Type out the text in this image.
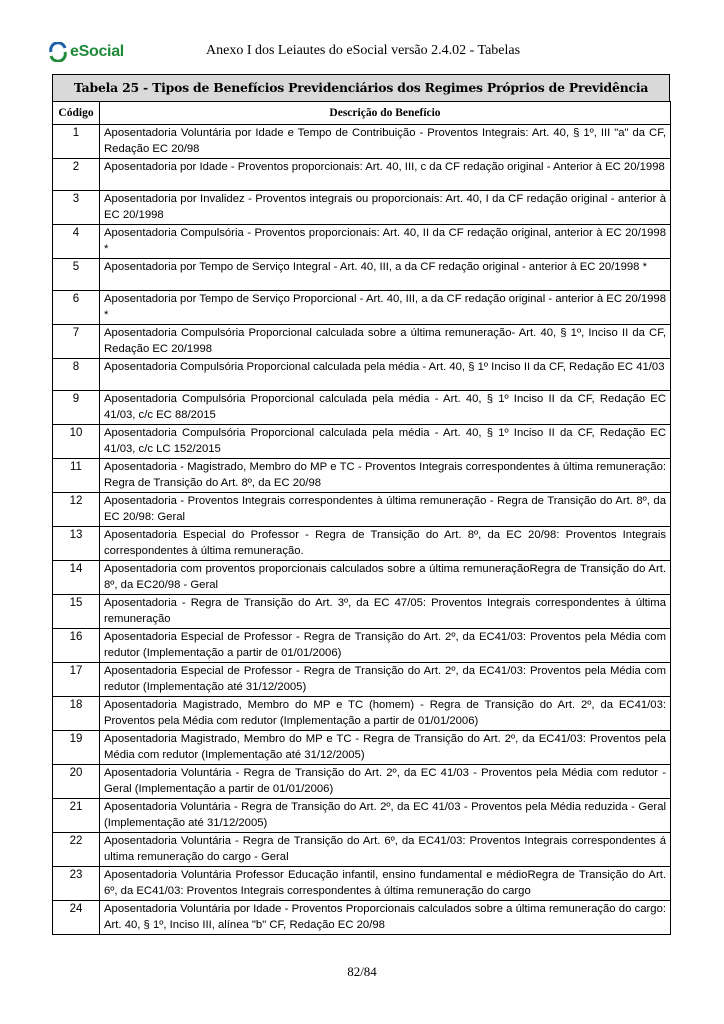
eSocial	Anexo I dos Leiautes do eSocial versão 2.4.02 - Tabelas
Tabela 25 - Tipos de Benefícios Previdenciários dos Regimes Próprios de Previdência
Código	Descrição do Benefício
1	Aposentadoria Voluntária por Idade e Tempo de Contribuição - Proventos Integrais: Art. 40, § 1º, III "a" da CF, Redação EC 20/98
2	Aposentadoria por Idade - Proventos proporcionais: Art. 40, III, c da CF redação original - Anterior à EC 20/1998
3	Aposentadoria por Invalidez - Proventos integrais ou proporcionais: Art. 40, I da CF redação original - anterior à EC 20/1998
4	Aposentadoria Compulsória - Proventos proporcionais: Art. 40, II da CF redação original, anterior à EC 20/1998 *
5	Aposentadoria por Tempo de Serviço Integral - Art. 40, III, a da CF redação original - anterior à EC 20/1998 *
6	Aposentadoria por Tempo de Serviço Proporcional - Art. 40, III, a da CF redação original - anterior à EC 20/1998 *
7	Aposentadoria Compulsória Proporcional calculada sobre a última remuneração- Art. 40, § 1º, Inciso II da CF, Redação EC 20/1998
8	Aposentadoria Compulsória Proporcional calculada pela média - Art. 40, § 1º Inciso II da CF, Redação EC 41/03
9	Aposentadoria Compulsória Proporcional calculada pela média - Art. 40, § 1º Inciso II da CF, Redação EC 41/03, c/c EC 88/2015
10	Aposentadoria Compulsória Proporcional calculada pela média - Art. 40, § 1º Inciso II da CF, Redação EC 41/03, c/c LC 152/2015
11	Aposentadoria - Magistrado, Membro do MP e TC - Proventos Integrais correspondentes à última remuneração: Regra de Transição do Art. 8º, da EC 20/98
12	Aposentadoria - Proventos Integrais correspondentes à última remuneração - Regra de Transição do Art. 8º, da EC 20/98: Geral
13	Aposentadoria Especial do Professor - Regra de Transição do Art. 8º, da EC 20/98: Proventos Integrais correspondentes à última remuneração.
14	Aposentadoria com proventos proporcionais calculados sobre a última remuneraçãoRegra de Transição do Art. 8º, da EC20/98 - Geral
15	Aposentadoria - Regra de Transição do Art. 3º, da EC 47/05: Proventos Integrais correspondentes à última remuneração
16	Aposentadoria Especial de Professor - Regra de Transição do Art. 2º, da EC41/03: Proventos pela Média com redutor (Implementação a partir de 01/01/2006)
17	Aposentadoria Especial de Professor - Regra de Transição do Art. 2º, da EC41/03: Proventos pela Média com redutor (Implementação até 31/12/2005)
18	Aposentadoria Magistrado, Membro do MP e TC (homem) - Regra de Transição do Art. 2º, da EC41/03: Proventos pela Média com redutor (Implementação a partir de 01/01/2006)
19	Aposentadoria Magistrado, Membro do MP e TC - Regra de Transição do Art. 2º, da EC41/03: Proventos pela Média com redutor (Implementação até 31/12/2005)
20	Aposentadoria Voluntária - Regra de Transição do Art. 2º, da EC 41/03 - Proventos pela Média com redutor - Geral (Implementação a partir de 01/01/2006)
21	Aposentadoria Voluntária - Regra de Transição do Art. 2º, da EC 41/03 - Proventos pela Média reduzida - Geral (Implementação até 31/12/2005)
22	Aposentadoria Voluntária - Regra de Transição do Art. 6º, da EC41/03: Proventos Integrais correspondentes á ultima remuneração do cargo - Geral
23	Aposentadoria Voluntária Professor Educação infantil, ensino fundamental e médioRegra de Transição do Art. 6º, da EC41/03: Proventos Integrais correspondentes à última remuneração do cargo
24	Aposentadoria Voluntária por Idade - Proventos Proporcionais calculados sobre a última remuneração do cargo: Art. 40, § 1º, Inciso III, alínea "b" CF, Redação EC 20/98
82/84
